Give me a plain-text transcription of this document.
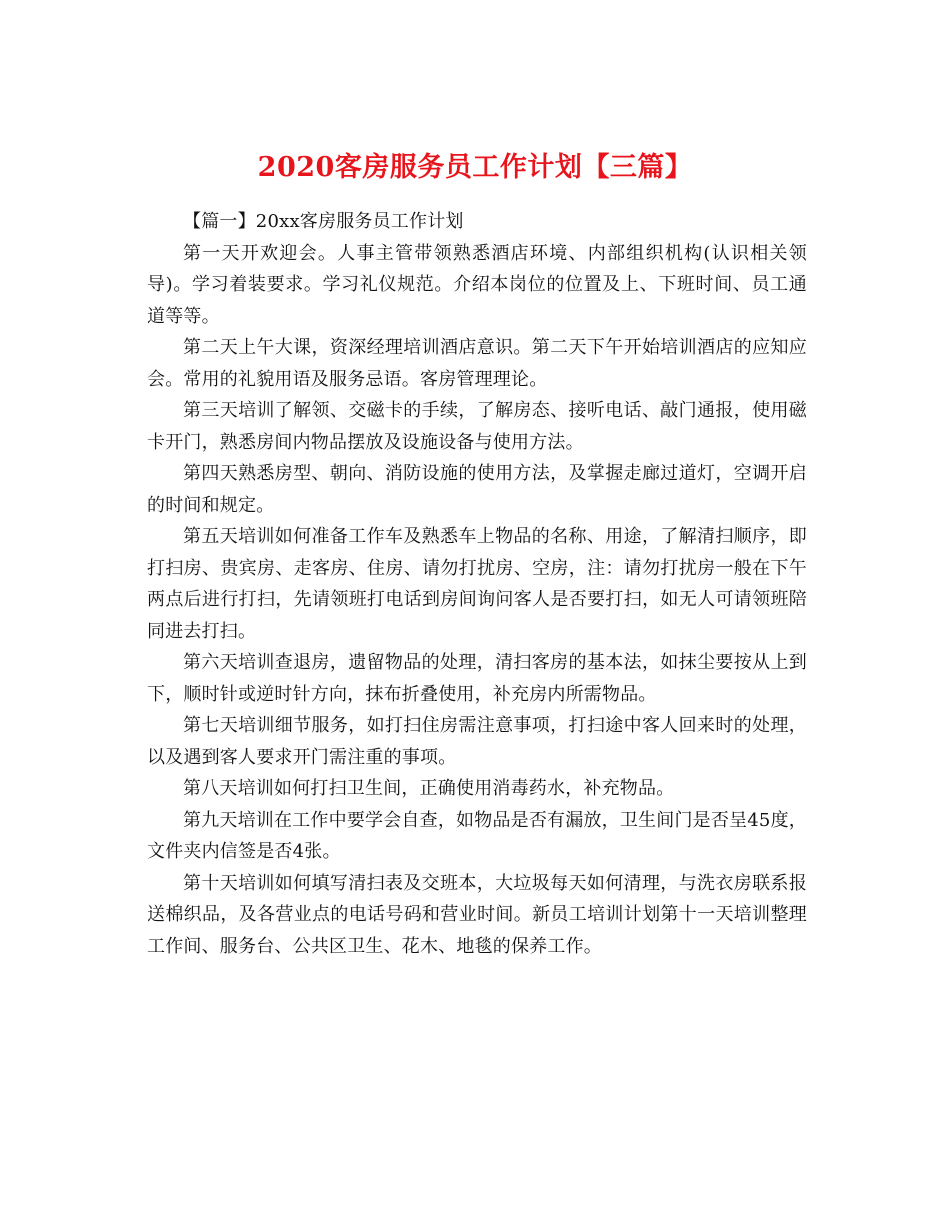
2020客房服务员工作计划【三篇】

【篇一】20xx客房服务员工作计划

第一天开欢迎会。人事主管带领熟悉酒店环境、内部组织机构(认识相关领导)。学习着装要求。学习礼仪规范。介绍本岗位的位置及上、下班时间、员工通道等等。

第二天上午大课，资深经理培训酒店意识。第二天下午开始培训酒店的应知应会。常用的礼貌用语及服务忌语。客房管理理论。

第三天培训了解领、交磁卡的手续，了解房态、接听电话、敲门通报，使用磁卡开门，熟悉房间内物品摆放及设施设备与使用方法。

第四天熟悉房型、朝向、消防设施的使用方法，及掌握走廊过道灯，空调开启的时间和规定。

第五天培训如何准备工作车及熟悉车上物品的名称、用途，了解清扫顺序，即打扫房、贵宾房、走客房、住房、请勿打扰房、空房，注：请勿打扰房一般在下午两点后进行打扫，先请领班打电话到房间询问客人是否要打扫，如无人可请领班陪同进去打扫。

第六天培训查退房，遗留物品的处理，清扫客房的基本法，如抹尘要按从上到下，顺时针或逆时针方向，抹布折叠使用，补充房内所需物品。

第七天培训细节服务，如打扫住房需注意事项，打扫途中客人回来时的处理，以及遇到客人要求开门需注重的事项。

第八天培训如何打扫卫生间，正确使用消毒药水，补充物品。

第九天培训在工作中要学会自查，如物品是否有漏放，卫生间门是否呈45度，文件夹内信签是否4张。

第十天培训如何填写清扫表及交班本，大垃圾每天如何清理，与洗衣房联系报送棉织品，及各营业点的电话号码和营业时间。新员工培训计划第十一天培训整理工作间、服务台、公共区卫生、花木、地毯的保养工作。
